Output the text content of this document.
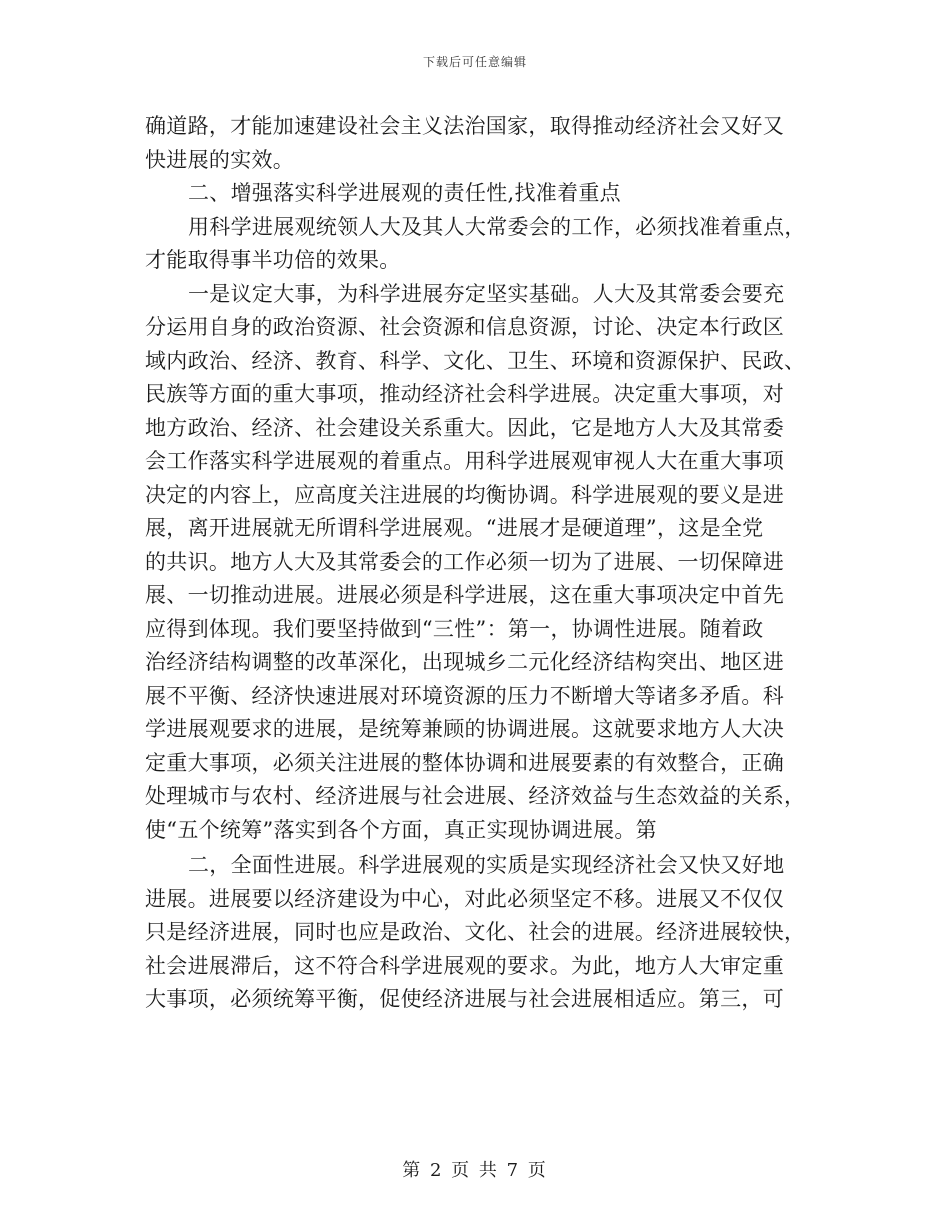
下载后可任意编辑
确道路，才能加速建设社会主义法治国家，取得推动经济社会又好又
快进展的实效。
二、增强落实科学进展观的责任性,找准着重点
用科学进展观统领人大及其人大常委会的工作，必须找准着重点，
才能取得事半功倍的效果。
一是议定大事，为科学进展夯定坚实基础。人大及其常委会要充
分运用自身的政治资源、社会资源和信息资源，讨论、决定本行政区
域内政治、经济、教育、科学、文化、卫生、环境和资源保护、民政、
民族等方面的重大事项，推动经济社会科学进展。决定重大事项，对
地方政治、经济、社会建设关系重大。因此，它是地方人大及其常委
会工作落实科学进展观的着重点。用科学进展观审视人大在重大事项
决定的内容上，应高度关注进展的均衡协调。科学进展观的要义是进
展，离开进展就无所谓科学进展观。“进展才是硬道理”，这是全党
的共识。地方人大及其常委会的工作必须一切为了进展、一切保障进
展、一切推动进展。进展必须是科学进展，这在重大事项决定中首先
应得到体现。我们要坚持做到“三性”：第一，协调性进展。随着政
治经济结构调整的改革深化，出现城乡二元化经济结构突出、地区进
展不平衡、经济快速进展对环境资源的压力不断增大等诸多矛盾。科
学进展观要求的进展，是统筹兼顾的协调进展。这就要求地方人大决
定重大事项，必须关注进展的整体协调和进展要素的有效整合，正确
处理城市与农村、经济进展与社会进展、经济效益与生态效益的关系，
使“五个统筹”落实到各个方面，真正实现协调进展。第
二，全面性进展。科学进展观的实质是实现经济社会又快又好地
进展。进展要以经济建设为中心，对此必须坚定不移。进展又不仅仅
只是经济进展，同时也应是政治、文化、社会的进展。经济进展较快，
社会进展滞后，这不符合科学进展观的要求。为此，地方人大审定重
大事项，必须统筹平衡，促使经济进展与社会进展相适应。第三，可
第 2 页 共 7 页
